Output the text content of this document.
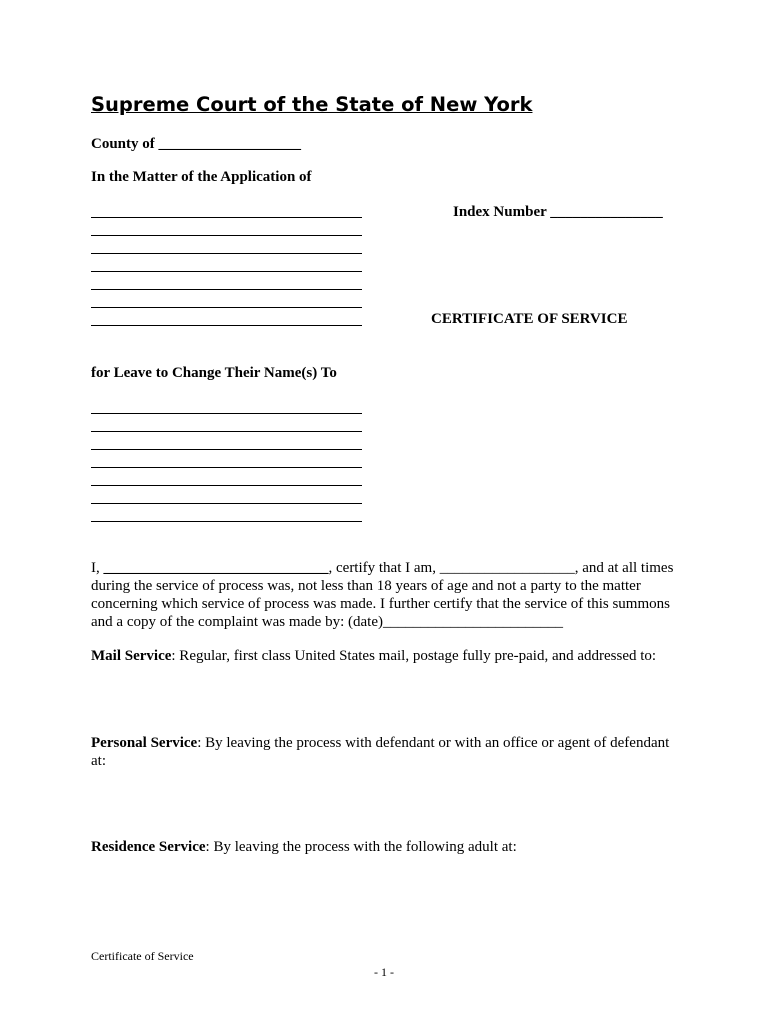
Supreme Court of the State of New York
County of ___________________
In the Matter of the Application of
Index Number _______________
CERTIFICATE OF SERVICE
for Leave to Change Their Name(s) To
I, ______________________________, certify that I am, __________________, and at all times during the service of process was, not less than 18 years of age and not a party to the matter concerning which service of process was made. I further certify that the service of this summons and a copy of the complaint was made by: (date)________________________
Mail Service: Regular, first class United States mail, postage fully pre-paid, and addressed to:
Personal Service: By leaving the process with defendant or with an office or agent of defendant at:
Residence Service: By leaving the process with the following adult at:
Certificate of Service
- 1 -
